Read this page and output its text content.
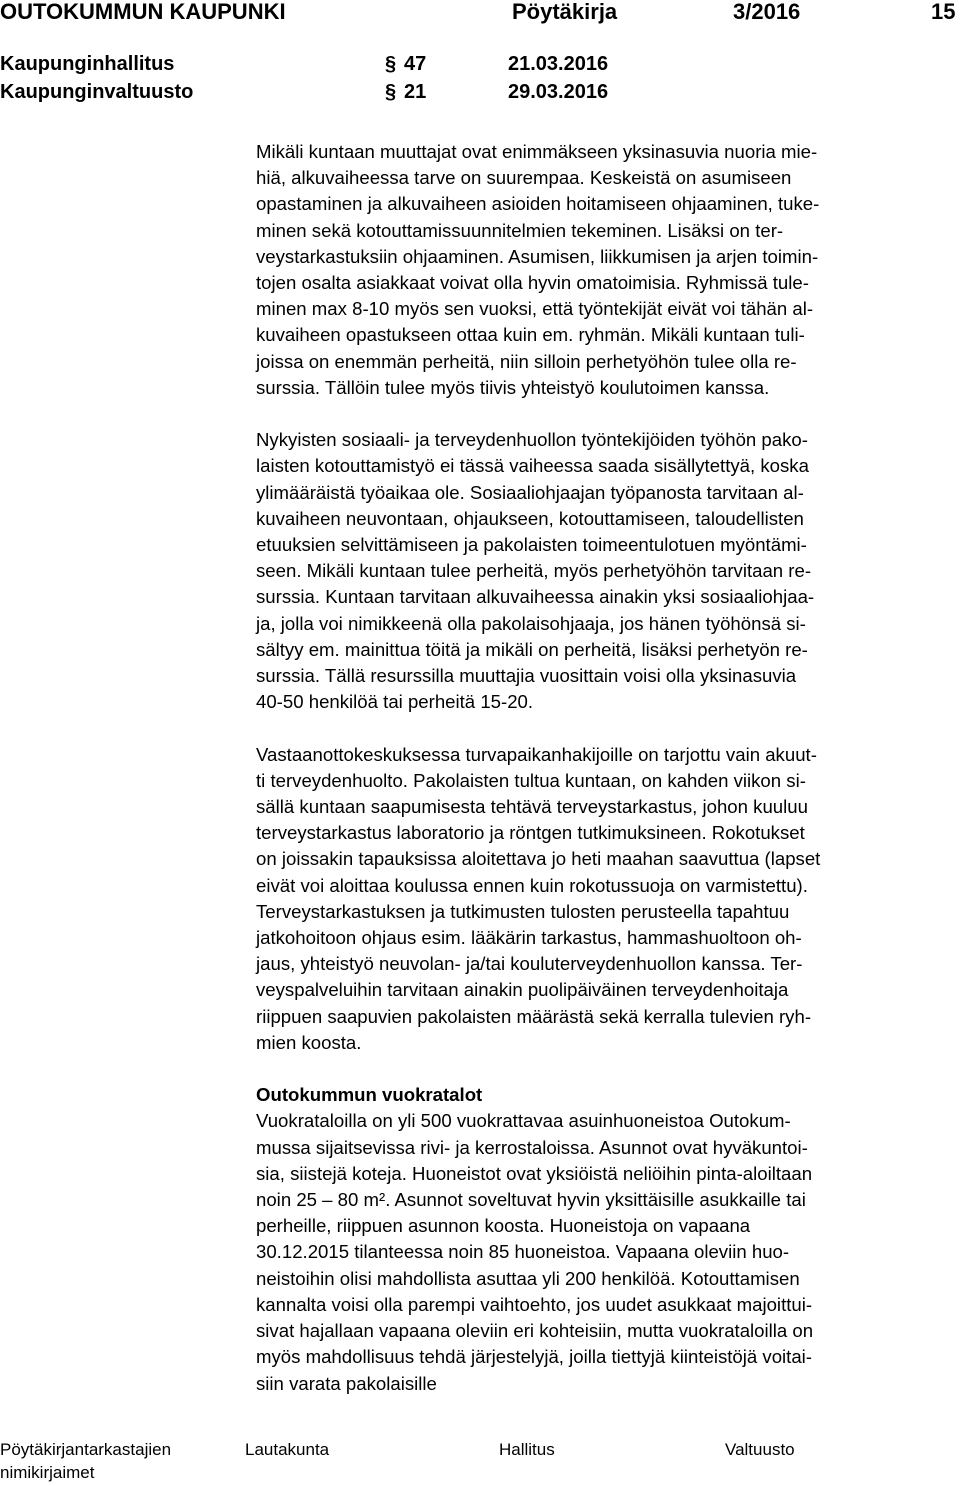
OUTOKUMMUN KAUPUNKI	Pöytäkirja	3/2016	15
Kaupunginhallitus	§ 47	21.03.2016
Kaupunginvaltuusto	§ 21	29.03.2016
Mikäli kuntaan muuttajat ovat enimmäkseen yksinasuvia nuoria mie-
hiä, alkuvaiheessa tarve on suurempaa. Keskeistä on asumiseen
opastaminen ja alkuvaiheen asioiden hoitamiseen ohjaaminen, tuke-
minen sekä kotouttamissuunnitelmien tekeminen. Lisäksi on ter-
veystarkastuksiin ohjaaminen. Asumisen, liikkumisen ja arjen toimin-
tojen osalta asiakkaat voivat olla hyvin omatoimisia. Ryhmissä tule-
minen max 8-10 myös sen vuoksi, että työntekijät eivät voi tähän al-
kuvaiheen opastukseen ottaa kuin em. ryhmän. Mikäli kuntaan tuli-
joissa on enemmän perheitä, niin silloin perhetyöhön tulee olla re-
surssia. Tällöin tulee myös tiivis yhteistyö koulutoimen kanssa.
Nykyisten sosiaali- ja terveydenhuollon työntekijöiden työhön pako-
laisten kotouttamistyö ei tässä vaiheessa saada sisällytettyä, koska
ylimääräistä työaikaa ole. Sosiaaliohjaajan työpanosta tarvitaan al-
kuvaiheen neuvontaan, ohjaukseen, kotouttamiseen, taloudellisten
etuuksien selvittämiseen ja pakolaisten toimeentulotuen myöntämi-
seen. Mikäli kuntaan tulee perheitä, myös perhetyöhön tarvitaan re-
surssia. Kuntaan tarvitaan alkuvaiheessa ainakin yksi sosiaaliohjaa-
ja, jolla voi nimikkeenä olla pakolaisohjaaja, jos hänen työhönsä si-
sältyy em. mainittua töitä ja mikäli on perheitä, lisäksi perhetyön re-
surssia. Tällä resurssilla muuttajia vuosittain voisi olla yksinasuvia
40-50 henkilöä tai perheitä 15-20.
Vastaanottokeskuksessa turvapaikanhakijoille on tarjottu vain akuut-
ti terveydenhuolto. Pakolaisten tultua kuntaan, on kahden viikon si-
sällä kuntaan saapumisesta tehtävä terveystarkastus, johon kuuluu
terveystarkastus laboratorio ja röntgen tutkimuksineen. Rokotukset
on joissakin tapauksissa aloitettava jo heti maahan saavuttua (lapset
eivät voi aloittaa koulussa ennen kuin rokotussuoja on varmistettu).
Terveystarkastuksen ja tutkimusten tulosten perusteella tapahtuu
jatkohoitoon ohjaus esim. lääkärin tarkastus, hammashuoltoon oh-
jaus, yhteistyö neuvolan- ja/tai kouluterveydenhuollon kanssa. Ter-
veyspalveluihin tarvitaan ainakin puolipäiväinen terveydenhoitaja
riippuen saapuvien pakolaisten määrästä sekä kerralla tulevien ryh-
mien koosta.
Outokummun vuokratalot
Vuokrataloilla on yli 500 vuokrattavaa asuinhuoneistoa Outokum-
mussa sijaitsevissa rivi- ja kerrostaloissa. Asunnot ovat hyväkuntoi-
sia, siistejä koteja. Huoneistot ovat yksiöistä neliöihin pinta-aloiltaan
noin 25 – 80 m². Asunnot soveltuvat hyvin yksittäisille asukkaille tai
perheille, riippuen asunnon koosta. Huoneistoja on vapaana
30.12.2015 tilanteessa noin 85 huoneistoa. Vapaana oleviin huo-
neistoihin olisi mahdollista asuttaa yli 200 henkilöä. Kotouttamisen
kannalta voisi olla parempi vaihtoehto, jos uudet asukkaat majoittui-
sivat hajallaan vapaana oleviin eri kohteisiin, mutta vuokrataloilla on
myös mahdollisuus tehdä järjestelyjä, joilla tiettyjä kiinteistöjä voitai-
siin varata pakolaisille
Pöytäkirjantarkastajien
nimikirjaimet
Lautakunta	Hallitus	Valtuusto
